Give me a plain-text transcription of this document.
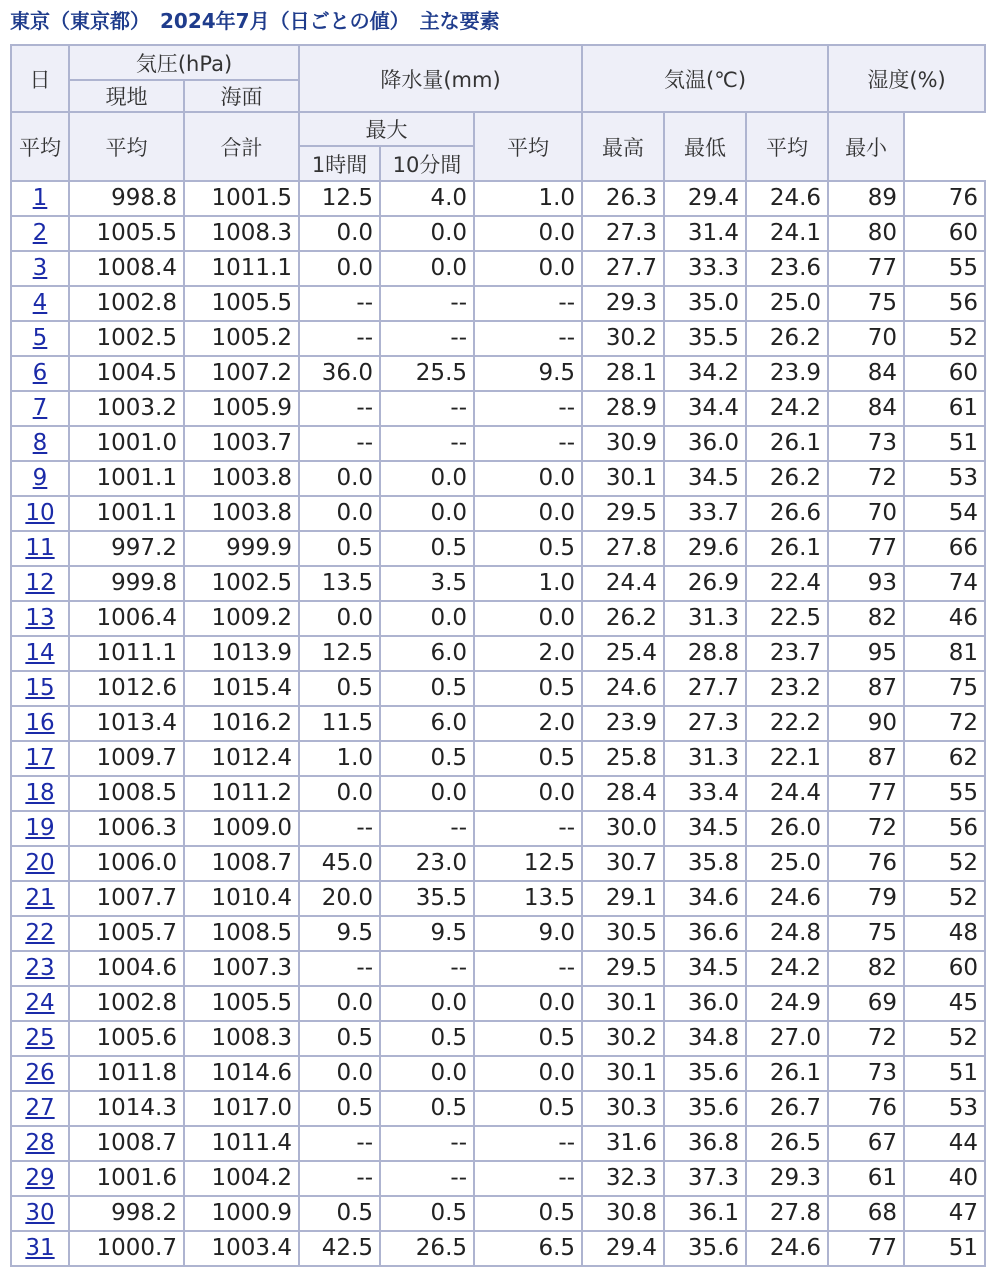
東京（東京都）　2024年7月（日ごとの値）　主な要素
日	気圧(hPa)		降水量(mm)			気温(℃)			湿度(%)	
	現地	海面								
平均	平均	合計	最大		平均	最高	最低	平均	最小	
			1時間	10分間						
1	998.8	1001.5	12.5	4.0	1.0	26.3	29.4	24.6	89	76
2	1005.5	1008.3	0.0	0.0	0.0	27.3	31.4	24.1	80	60
3	1008.4	1011.1	0.0	0.0	0.0	27.7	33.3	23.6	77	55
4	1002.8	1005.5	--	--	--	29.3	35.0	25.0	75	56
5	1002.5	1005.2	--	--	--	30.2	35.5	26.2	70	52
6	1004.5	1007.2	36.0	25.5	9.5	28.1	34.2	23.9	84	60
7	1003.2	1005.9	--	--	--	28.9	34.4	24.2	84	61
8	1001.0	1003.7	--	--	--	30.9	36.0	26.1	73	51
9	1001.1	1003.8	0.0	0.0	0.0	30.1	34.5	26.2	72	53
10	1001.1	1003.8	0.0	0.0	0.0	29.5	33.7	26.6	70	54
11	997.2	999.9	0.5	0.5	0.5	27.8	29.6	26.1	77	66
12	999.8	1002.5	13.5	3.5	1.0	24.4	26.9	22.4	93	74
13	1006.4	1009.2	0.0	0.0	0.0	26.2	31.3	22.5	82	46
14	1011.1	1013.9	12.5	6.0	2.0	25.4	28.8	23.7	95	81
15	1012.6	1015.4	0.5	0.5	0.5	24.6	27.7	23.2	87	75
16	1013.4	1016.2	11.5	6.0	2.0	23.9	27.3	22.2	90	72
17	1009.7	1012.4	1.0	0.5	0.5	25.8	31.3	22.1	87	62
18	1008.5	1011.2	0.0	0.0	0.0	28.4	33.4	24.4	77	55
19	1006.3	1009.0	--	--	--	30.0	34.5	26.0	72	56
20	1006.0	1008.7	45.0	23.0	12.5	30.7	35.8	25.0	76	52
21	1007.7	1010.4	20.0	35.5	13.5	29.1	34.6	24.6	79	52
22	1005.7	1008.5	9.5	9.5	9.0	30.5	36.6	24.8	75	48
23	1004.6	1007.3	--	--	--	29.5	34.5	24.2	82	60
24	1002.8	1005.5	0.0	0.0	0.0	30.1	36.0	24.9	69	45
25	1005.6	1008.3	0.5	0.5	0.5	30.2	34.8	27.0	72	52
26	1011.8	1014.6	0.0	0.0	0.0	30.1	35.6	26.1	73	51
27	1014.3	1017.0	0.5	0.5	0.5	30.3	35.6	26.7	76	53
28	1008.7	1011.4	--	--	--	31.6	36.8	26.5	67	44
29	1001.6	1004.2	--	--	--	32.3	37.3	29.3	61	40
30	998.2	1000.9	0.5	0.5	0.5	30.8	36.1	27.8	68	47
31	1000.7	1003.4	42.5	26.5	6.5	29.4	35.6	24.6	77	51
